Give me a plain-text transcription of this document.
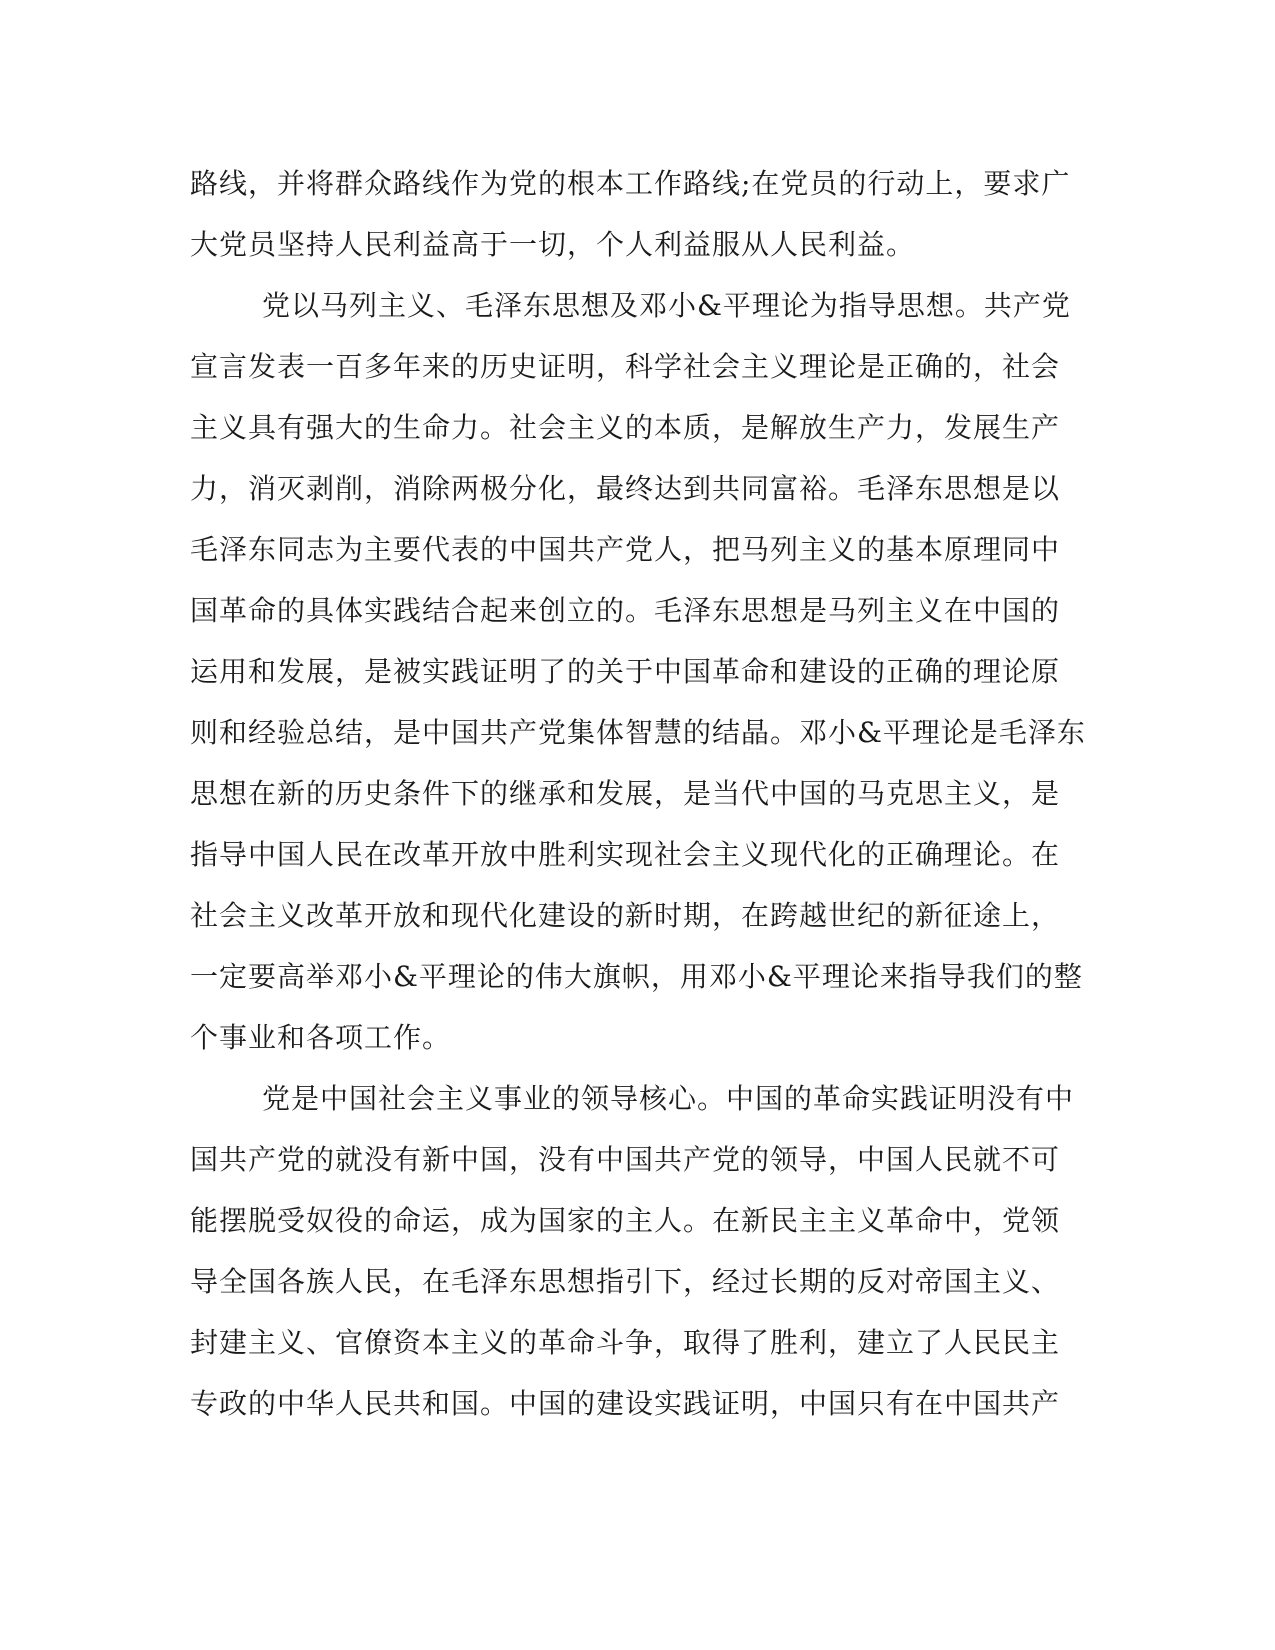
路线，并将群众路线作为党的根本工作路线;在党员的行动上，要求广
大党员坚持人民利益高于一切，个人利益服从人民利益。
党以马列主义、毛泽东思想及邓小&平理论为指导思想。共产党
宣言发表一百多年来的历史证明，科学社会主义理论是正确的，社会
主义具有强大的生命力。社会主义的本质，是解放生产力，发展生产
力，消灭剥削，消除两极分化，最终达到共同富裕。毛泽东思想是以
毛泽东同志为主要代表的中国共产党人，把马列主义的基本原理同中
国革命的具体实践结合起来创立的。毛泽东思想是马列主义在中国的
运用和发展，是被实践证明了的关于中国革命和建设的正确的理论原
则和经验总结，是中国共产党集体智慧的结晶。邓小&平理论是毛泽东
思想在新的历史条件下的继承和发展，是当代中国的马克思主义，是
指导中国人民在改革开放中胜利实现社会主义现代化的正确理论。在
社会主义改革开放和现代化建设的新时期，在跨越世纪的新征途上，
一定要高举邓小&平理论的伟大旗帜，用邓小&平理论来指导我们的整
个事业和各项工作。
党是中国社会主义事业的领导核心。中国的革命实践证明没有中
国共产党的就没有新中国，没有中国共产党的领导，中国人民就不可
能摆脱受奴役的命运，成为国家的主人。在新民主主义革命中，党领
导全国各族人民，在毛泽东思想指引下，经过长期的反对帝国主义、
封建主义、官僚资本主义的革命斗争，取得了胜利，建立了人民民主
专政的中华人民共和国。中国的建设实践证明，中国只有在中国共产
